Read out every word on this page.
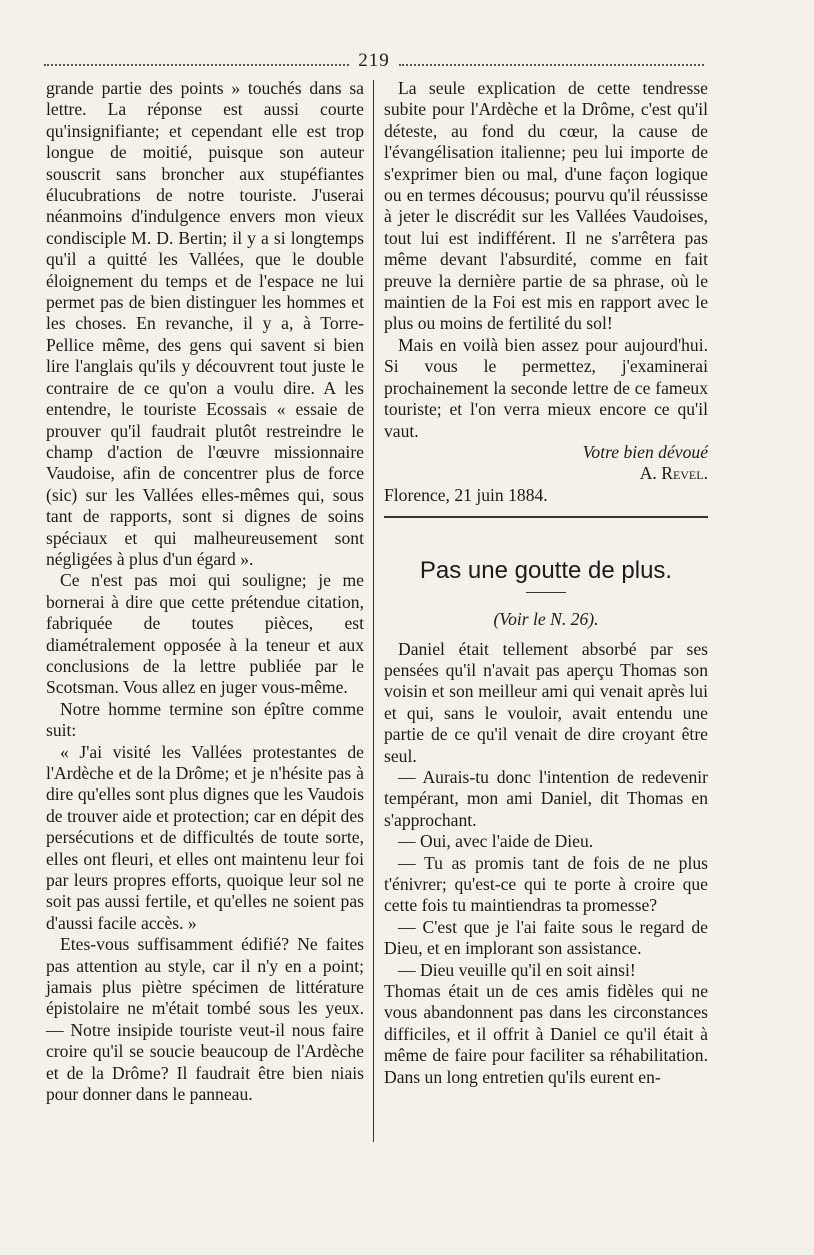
219

grande partie des points » touchés dans sa lettre. La réponse est aussi courte qu'insignifiante; et cependant elle est trop longue de moitié, puisque son auteur souscrit sans broncher aux stupéfiantes élucubrations de notre touriste. J'userai néanmoins d'indulgence envers mon vieux condisciple M. D. Bertin; il y a si longtemps qu'il a quitté les Vallées, que le double éloignement du temps et de l'espace ne lui permet pas de bien distinguer les hommes et les choses. En revanche, il y a, à Torre-Pellice même, des gens qui savent si bien lire l'anglais qu'ils y découvrent tout juste le contraire de ce qu'on a voulu dire. A les entendre, le touriste Ecossais « essaie de prouver qu'il faudrait plutôt restreindre le champ d'action de l'œuvre missionnaire Vaudoise, afin de concentrer plus de force (sic) sur les Vallées elles-mêmes qui, sous tant de rapports, sont si dignes de soins spéciaux et qui malheureusement sont négligées à plus d'un égard ».

Ce n'est pas moi qui souligne; je me bornerai à dire que cette prétendue citation, fabriquée de toutes pièces, est diamétralement opposée à la teneur et aux conclusions de la lettre publiée par le Scotsman. Vous allez en juger vous-même.

Notre homme termine son épître comme suit:

« J'ai visité les Vallées protestantes de l'Ardèche et de la Drôme; et je n'hésite pas à dire qu'elles sont plus dignes que les Vaudois de trouver aide et protection; car en dépit des persécutions et de difficultés de toute sorte, elles ont fleuri, et elles ont maintenu leur foi par leurs propres efforts, quoique leur sol ne soit pas aussi fertile, et qu'elles ne soient pas d'aussi facile accès. »

Etes-vous suffisamment édifié? Ne faites pas attention au style, car il n'y en a point; jamais plus piètre spécimen de littérature épistolaire ne m'était tombé sous les yeux. — Notre insipide touriste veut-il nous faire croire qu'il se soucie beaucoup de l'Ardèche et de la Drôme? Il faudrait être bien niais pour donner dans le panneau.

La seule explication de cette tendresse subite pour l'Ardèche et la Drôme, c'est qu'il déteste, au fond du cœur, la cause de l'évangélisation italienne; peu lui importe de s'exprimer bien ou mal, d'une façon logique ou en termes décousus; pourvu qu'il réussisse à jeter le discrédit sur les Vallées Vaudoises, tout lui est indifférent. Il ne s'arrêtera pas même devant l'absurdité, comme en fait preuve la dernière partie de sa phrase, où le maintien de la Foi est mis en rapport avec le plus ou moins de fertilité du sol!

Mais en voilà bien assez pour aujourd'hui. Si vous le permettez, j'examinerai prochainement la seconde lettre de ce fameux touriste; et l'on verra mieux encore ce qu'il vaut.

Votre bien dévoué

A. Revel.

Florence, 21 juin 1884.

Pas une goutte de plus.
(Voir le N. 26).

Daniel était tellement absorbé par ses pensées qu'il n'avait pas aperçu Thomas son voisin et son meilleur ami qui venait après lui et qui, sans le vouloir, avait entendu une partie de ce qu'il venait de dire croyant être seul.

— Aurais-tu donc l'intention de redevenir tempérant, mon ami Daniel, dit Thomas en s'approchant.

— Oui, avec l'aide de Dieu.

— Tu as promis tant de fois de ne plus t'énivrer; qu'est-ce qui te porte à croire que cette fois tu maintiendras ta promesse?

— C'est que je l'ai faite sous le regard de Dieu, et en implorant son assistance.

— Dieu veuille qu'il en soit ainsi!

Thomas était un de ces amis fidèles qui ne vous abandonnent pas dans les circonstances difficiles, et il offrit à Daniel ce qu'il était à même de faire pour faciliter sa réhabilitation. Dans un long entretien qu'ils eurent en-
